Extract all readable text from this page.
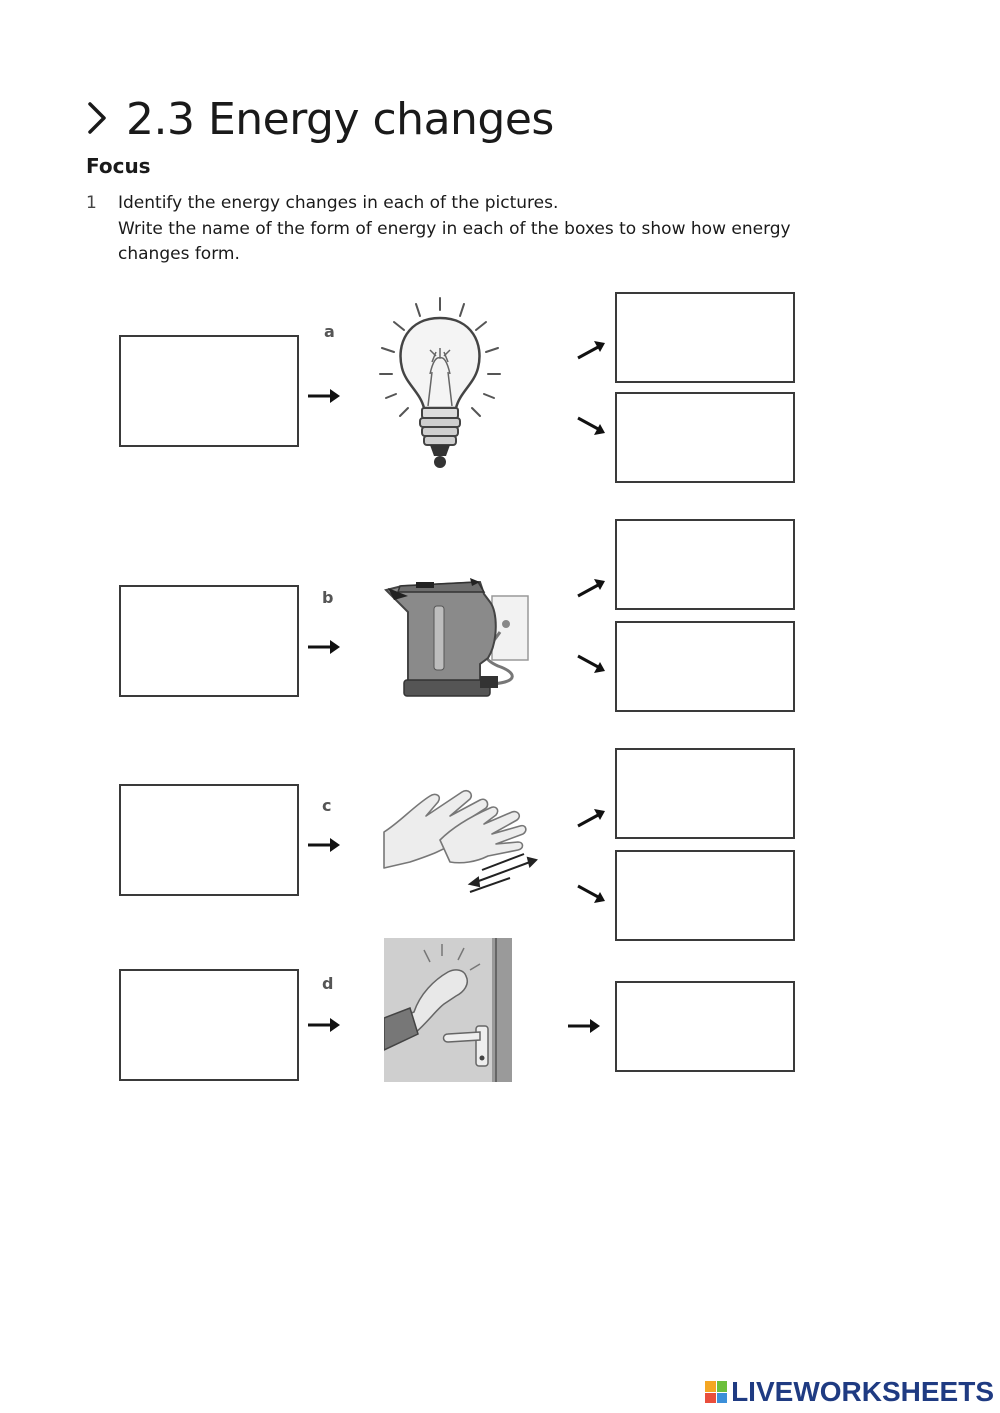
2.3 Energy changes
Focus
1 Identify the energy changes in each of the pictures.
Write the name of the form of energy in each of the boxes to show how energy
changes form.
a
b
c
d
LIVEWORKSHEETS
